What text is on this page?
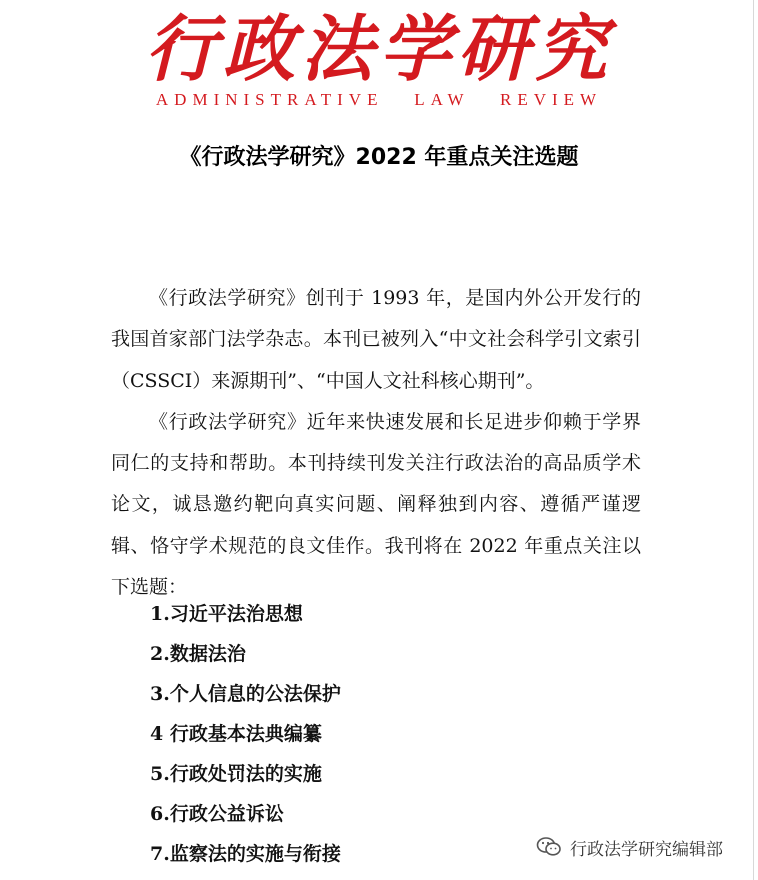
行政法学研究
ADMINISTRATIVE   LAW   REVIEW
《行政法学研究》2022 年重点关注选题

《行政法学研究》创刊于 1993 年，是国内外公开发行的我国首家部门法学杂志。本刊已被列入“中文社会科学引文索引（CSSCI）来源期刊”、“中国人文社科核心期刊”。

《行政法学研究》近年来快速发展和长足进步仰赖于学界同仁的支持和帮助。本刊持续刊发关注行政法治的高品质学术论文，诚恳邀约靶向真实问题、阐释独到内容、遵循严谨逻辑、恪守学术规范的良文佳作。我刊将在 2022 年重点关注以下选题：

1.习近平法治思想
2.数据法治
3.个人信息的公法保护
4 行政基本法典编纂
5.行政处罚法的实施
6.行政公益诉讼
7.监察法的实施与衔接	行政法学研究编辑部
